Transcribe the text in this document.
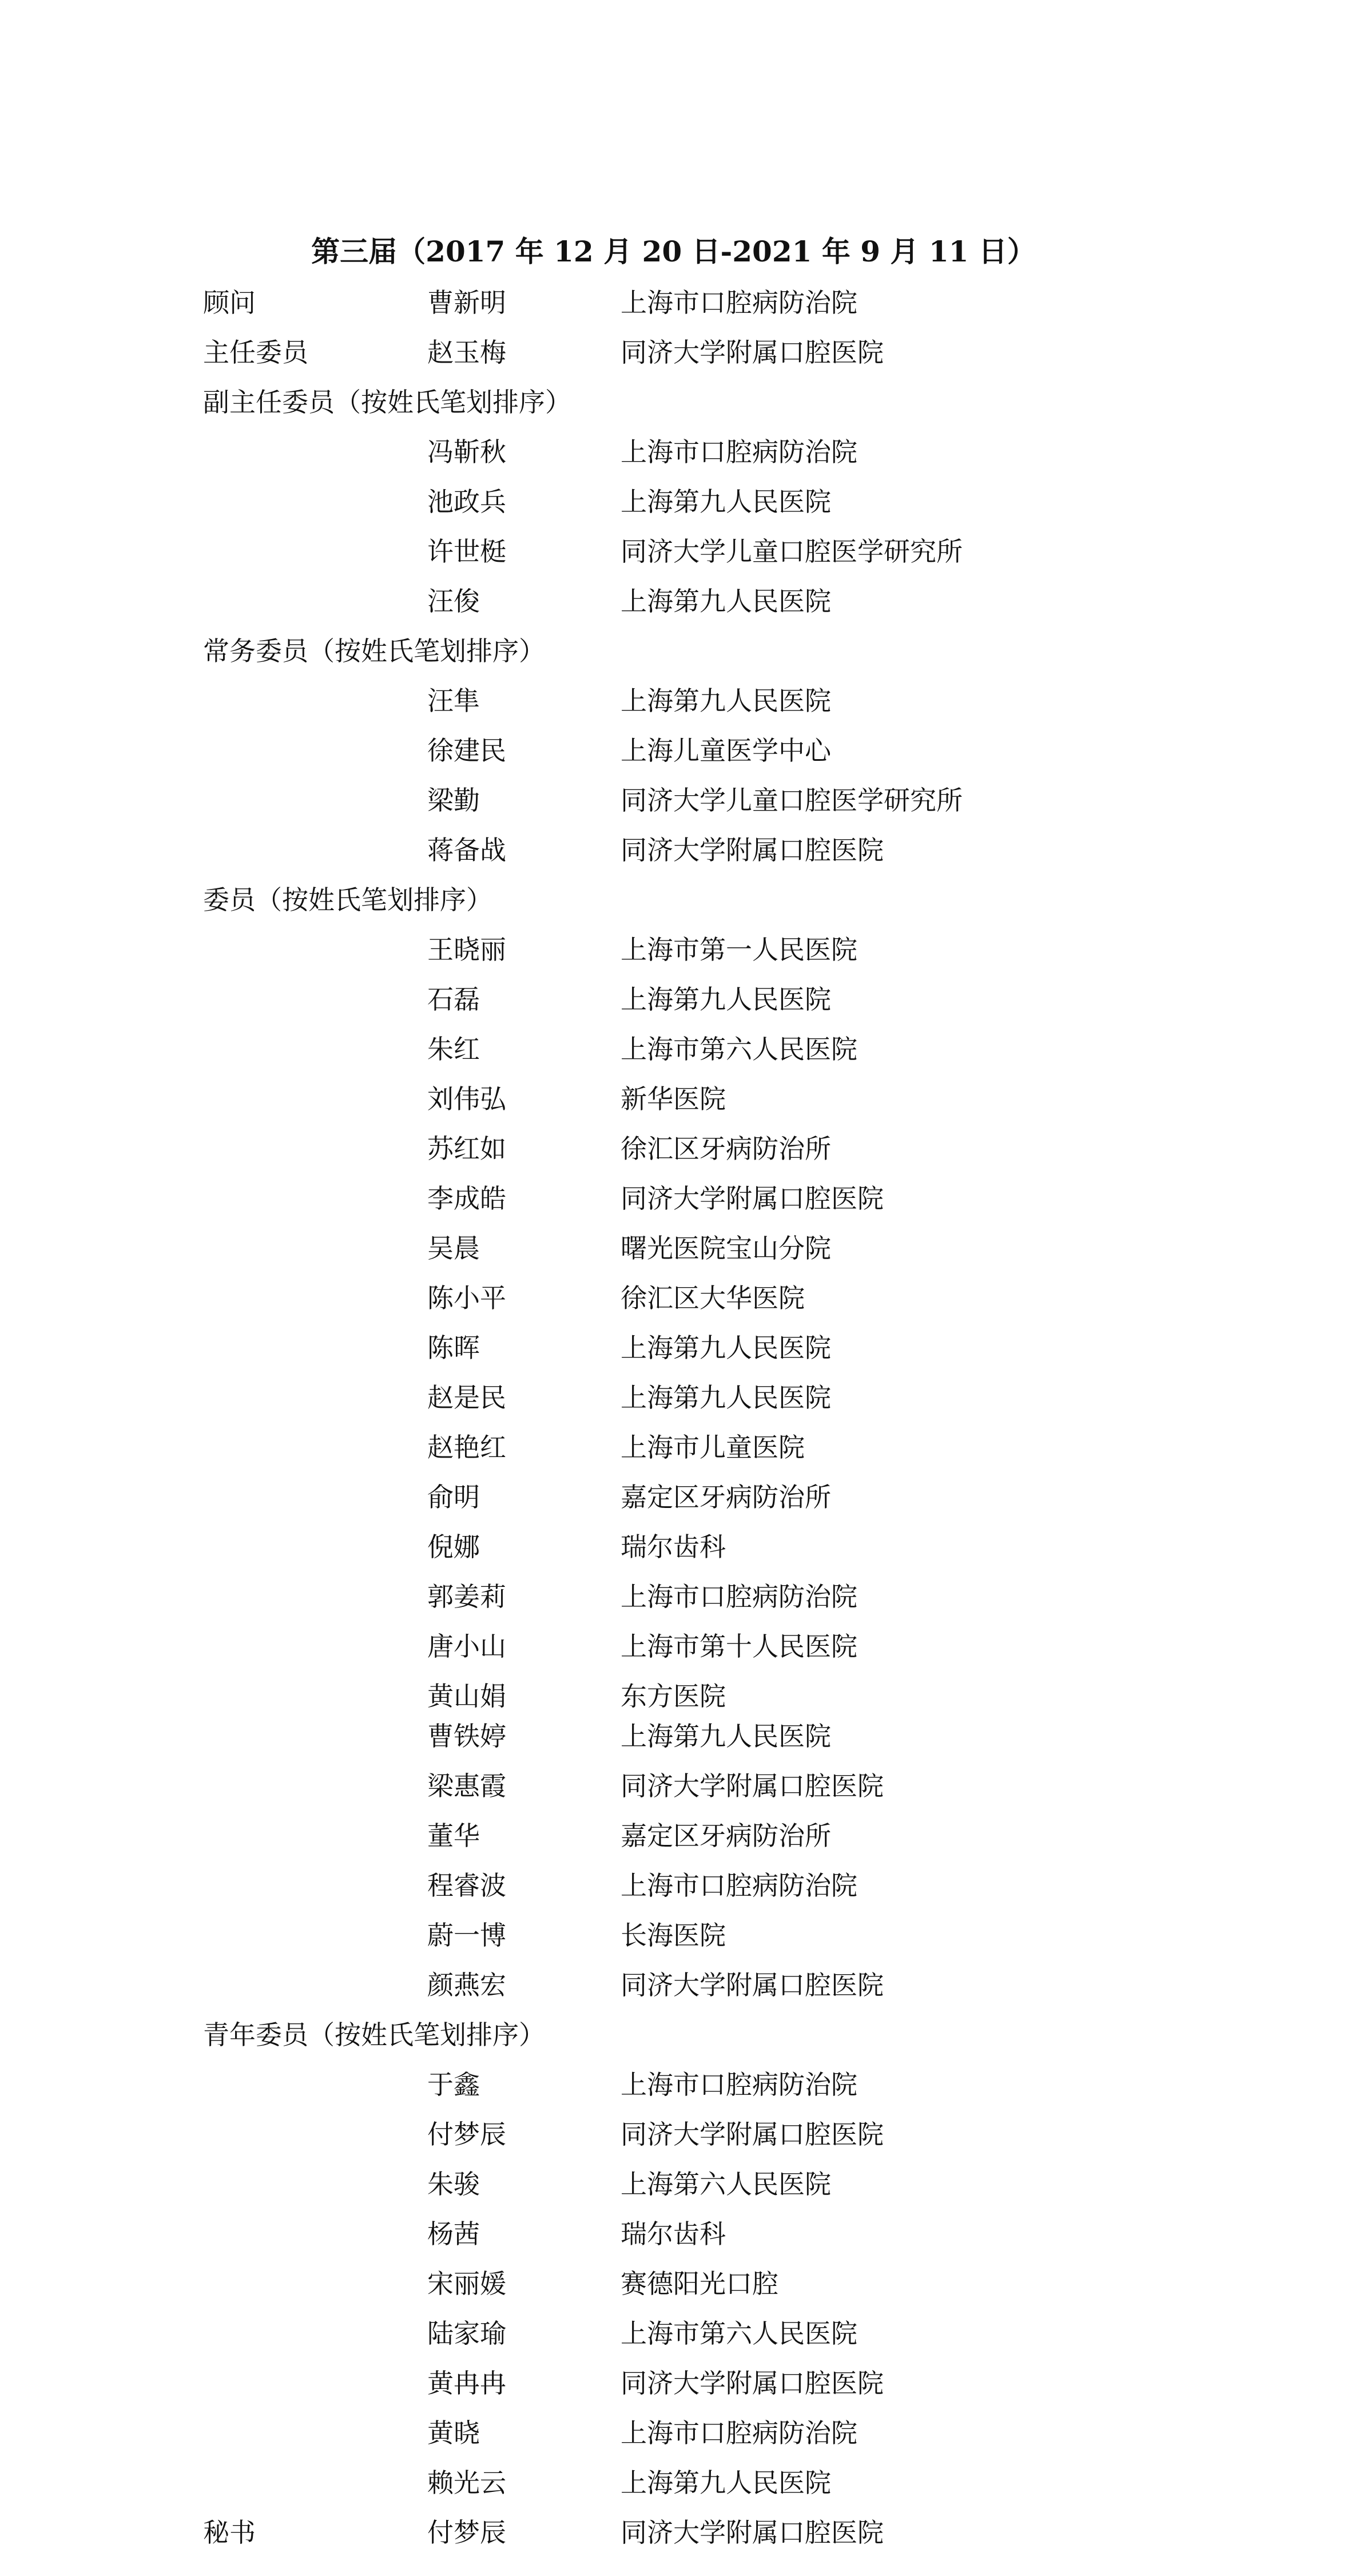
第三届（2017 年 12 月 20 日-2021 年 9 月 11 日）
顾问	曹新明	上海市口腔病防治院
主任委员	赵玉梅	同济大学附属口腔医院
副主任委员（按姓氏笔划排序）
冯靳秋	上海市口腔病防治院
池政兵	上海第九人民医院
许世梃	同济大学儿童口腔医学研究所
汪俊	上海第九人民医院
常务委员（按姓氏笔划排序）
汪隼	上海第九人民医院
徐建民	上海儿童医学中心
梁勤	同济大学儿童口腔医学研究所
蒋备战	同济大学附属口腔医院
委员（按姓氏笔划排序）
王晓丽	上海市第一人民医院
石磊	上海第九人民医院
朱红	上海市第六人民医院
刘伟弘	新华医院
苏红如	徐汇区牙病防治所
李成皓	同济大学附属口腔医院
吴晨	曙光医院宝山分院
陈小平	徐汇区大华医院
陈晖	上海第九人民医院
赵是民	上海第九人民医院
赵艳红	上海市儿童医院
俞明	嘉定区牙病防治所
倪娜	瑞尔齿科
郭姜莉	上海市口腔病防治院
唐小山	上海市第十人民医院
黄山娟	东方医院
曹铁婷	上海第九人民医院
梁惠霞	同济大学附属口腔医院
董华	嘉定区牙病防治所
程睿波	上海市口腔病防治院
蔚一博	长海医院
颜燕宏	同济大学附属口腔医院
青年委员（按姓氏笔划排序）
于鑫	上海市口腔病防治院
付梦辰	同济大学附属口腔医院
朱骏	上海第六人民医院
杨茜	瑞尔齿科
宋丽媛	赛德阳光口腔
陆家瑜	上海市第六人民医院
黄冉冉	同济大学附属口腔医院
黄晓	上海市口腔病防治院
赖光云	上海第九人民医院
秘书	付梦辰	同济大学附属口腔医院
